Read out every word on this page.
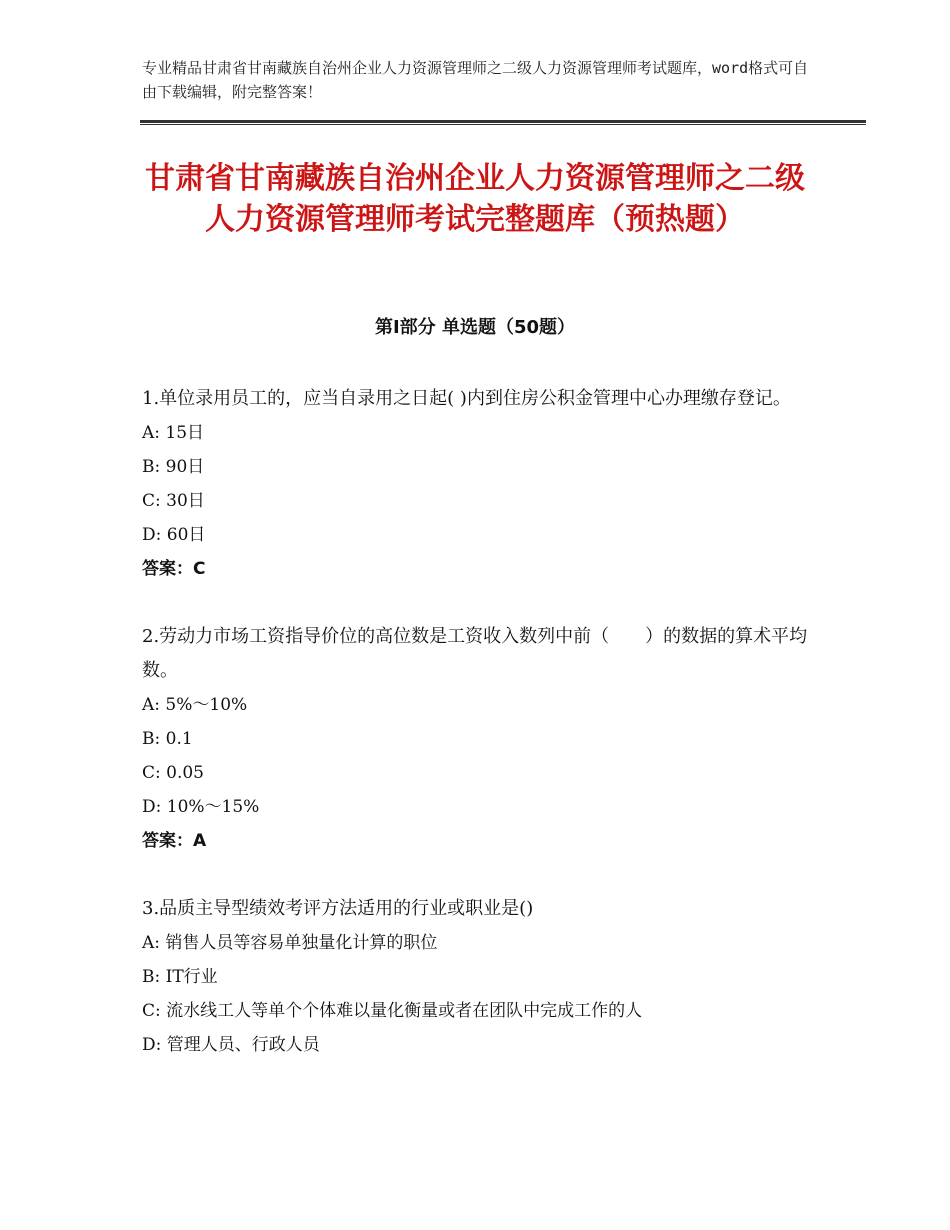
专业精品甘肃省甘南藏族自治州企业人力资源管理师之二级人力资源管理师考试题库，word格式可自由下载编辑，附完整答案！
甘肃省甘南藏族自治州企业人力资源管理师之二级人力资源管理师考试完整题库（预热题）
第Ⅰ部分 单选题（50题）

1.单位录用员工的，应当自录用之日起( )内到住房公积金管理中心办理缴存登记。

A: 15日

B: 90日

C: 30日

D: 60日

答案：C

2.劳动力市场工资指导价位的高位数是工资收入数列中前（　　）的数据的算术平均数。

A: 5%～10%

B: 0.1

C: 0.05

D: 10%～15%

答案：A

3.品质主导型绩效考评方法适用的行业或职业是()

A: 销售人员等容易单独量化计算的职位

B: IT行业

C: 流水线工人等单个个体难以量化衡量或者在团队中完成工作的人

D: 管理人员、行政人员
